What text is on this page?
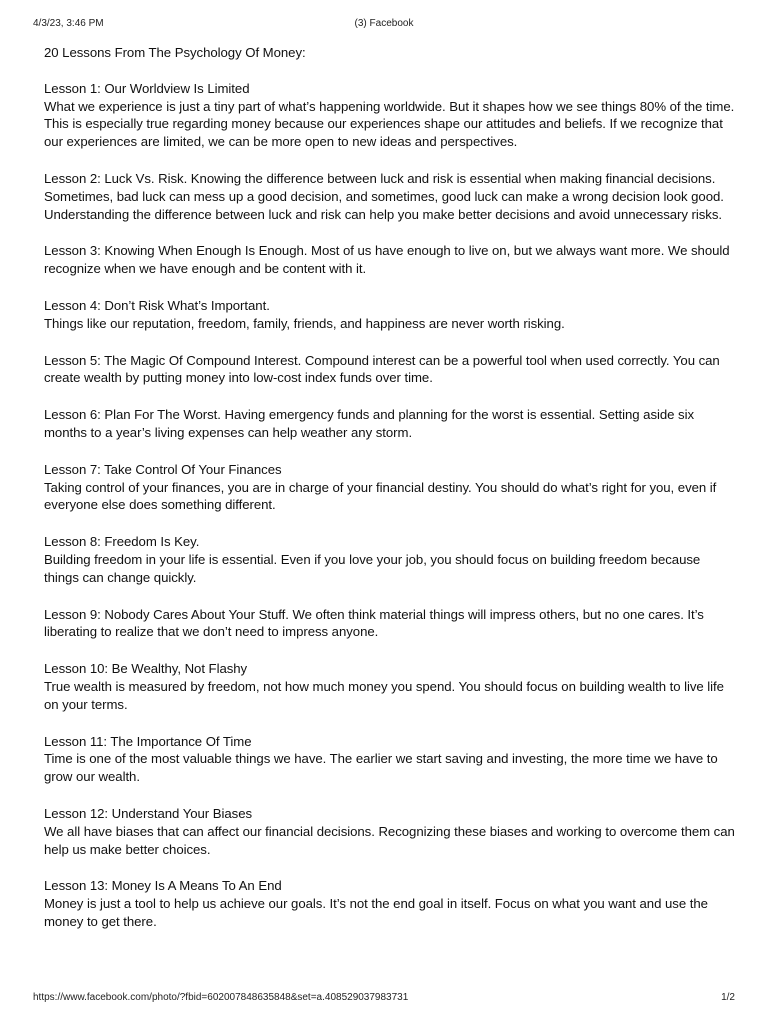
4/3/23, 3:46 PM	(3) Facebook
20 Lessons From The Psychology Of Money:
Lesson 1: Our Worldview Is Limited
What we experience is just a tiny part of what’s happening worldwide. But it shapes how we see things 80% of the time. This is especially true regarding money because our experiences shape our attitudes and beliefs. If we recognize that our experiences are limited, we can be more open to new ideas and perspectives.
Lesson 2: Luck Vs. Risk. Knowing the difference between luck and risk is essential when making financial decisions. Sometimes, bad luck can mess up a good decision, and sometimes, good luck can make a wrong decision look good. Understanding the difference between luck and risk can help you make better decisions and avoid unnecessary risks.
Lesson 3: Knowing When Enough Is Enough. Most of us have enough to live on, but we always want more. We should recognize when we have enough and be content with it.
Lesson 4: Don’t Risk What’s Important.
Things like our reputation, freedom, family, friends, and happiness are never worth risking.
Lesson 5: The Magic Of Compound Interest. Compound interest can be a powerful tool when used correctly. You can create wealth by putting money into low-cost index funds over time.
Lesson 6: Plan For The Worst. Having emergency funds and planning for the worst is essential. Setting aside six months to a year’s living expenses can help weather any storm.
Lesson 7: Take Control Of Your Finances
Taking control of your finances, you are in charge of your financial destiny. You should do what’s right for you, even if everyone else does something different.
Lesson 8: Freedom Is Key.
Building freedom in your life is essential. Even if you love your job, you should focus on building freedom because things can change quickly.
Lesson 9: Nobody Cares About Your Stuff. We often think material things will impress others, but no one cares. It’s liberating to realize that we don’t need to impress anyone.
Lesson 10: Be Wealthy, Not Flashy
True wealth is measured by freedom, not how much money you spend. You should focus on building wealth to live life on your terms.
Lesson 11: The Importance Of Time
Time is one of the most valuable things we have. The earlier we start saving and investing, the more time we have to grow our wealth.
Lesson 12: Understand Your Biases
We all have biases that can affect our financial decisions. Recognizing these biases and working to overcome them can help us make better choices.
Lesson 13: Money Is A Means To An End
Money is just a tool to help us achieve our goals. It’s not the end goal in itself. Focus on what you want and use the money to get there.
https://www.facebook.com/photo/?fbid=602007848635848&set=a.408529037983731	1/2
